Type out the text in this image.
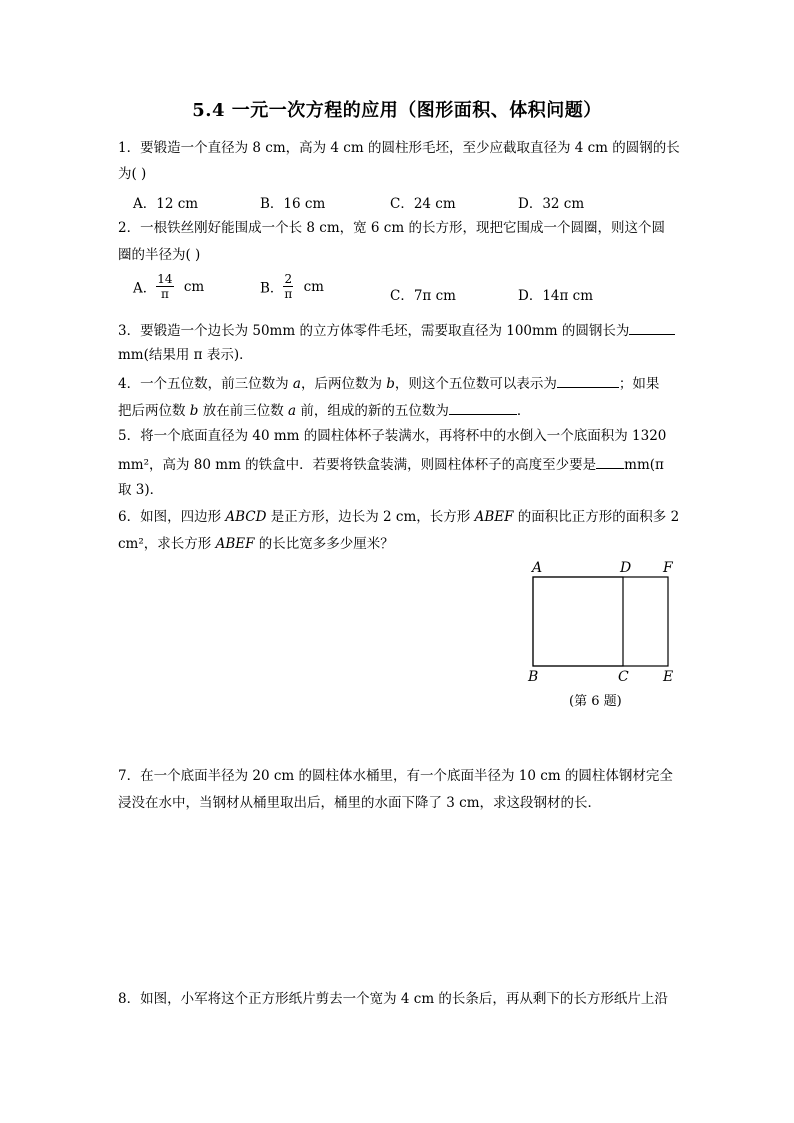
5.4 一元一次方程的应用（图形面积、体积问题）
1．要锻造一个直径为 8 cm，高为 4 cm 的圆柱形毛坯，至少应截取直径为 4 cm 的圆钢的长
为( )
A．12 cm	B．16 cm	C．24 cm	D．32 cm
2．一根铁丝刚好能围成一个长 8 cm，宽 6 cm 的长方形，现把它围成一个圆圈，则这个圆
圈的半径为( )
A． $\frac{14}{\pi}$ cm	B． $\frac{2}{\pi}$ cm
C．7π cm	D．14π cm
3．要锻造一个边长为 50mm 的立方体零件毛坯，需要取直径为 100mm 的圆钢长为
mm(结果用 π 表示)．
4．一个五位数，前三位数为 a，后两位数为 b，则这个五位数可以表示为	；如果
把后两位数 b 放在前三位数 a 前，组成的新的五位数为	．
5．将一个底面直径为 40 mm 的圆柱体杯子装满水，再将杯中的水倒入一个底面积为 1320
mm²，高为 80 mm 的铁盒中．若要将铁盒装满，则圆柱体杯子的高度至少要是 mm(π
取 3)．
6．如图，四边形 ABCD 是正方形，边长为 2 cm，长方形 ABEF 的面积比正方形的面积多 2
cm²，求长方形 ABEF 的长比宽多多少厘米？
A	D F
B	C E
(第 6 题)
7．在一个底面半径为 20 cm 的圆柱体水桶里，有一个底面半径为 10 cm 的圆柱体钢材完全
浸没在水中，当钢材从桶里取出后，桶里的水面下降了 3 cm，求这段钢材的长．
8．如图，小军将这个正方形纸片剪去一个宽为 4 cm 的长条后，再从剩下的长方形纸片上沿
